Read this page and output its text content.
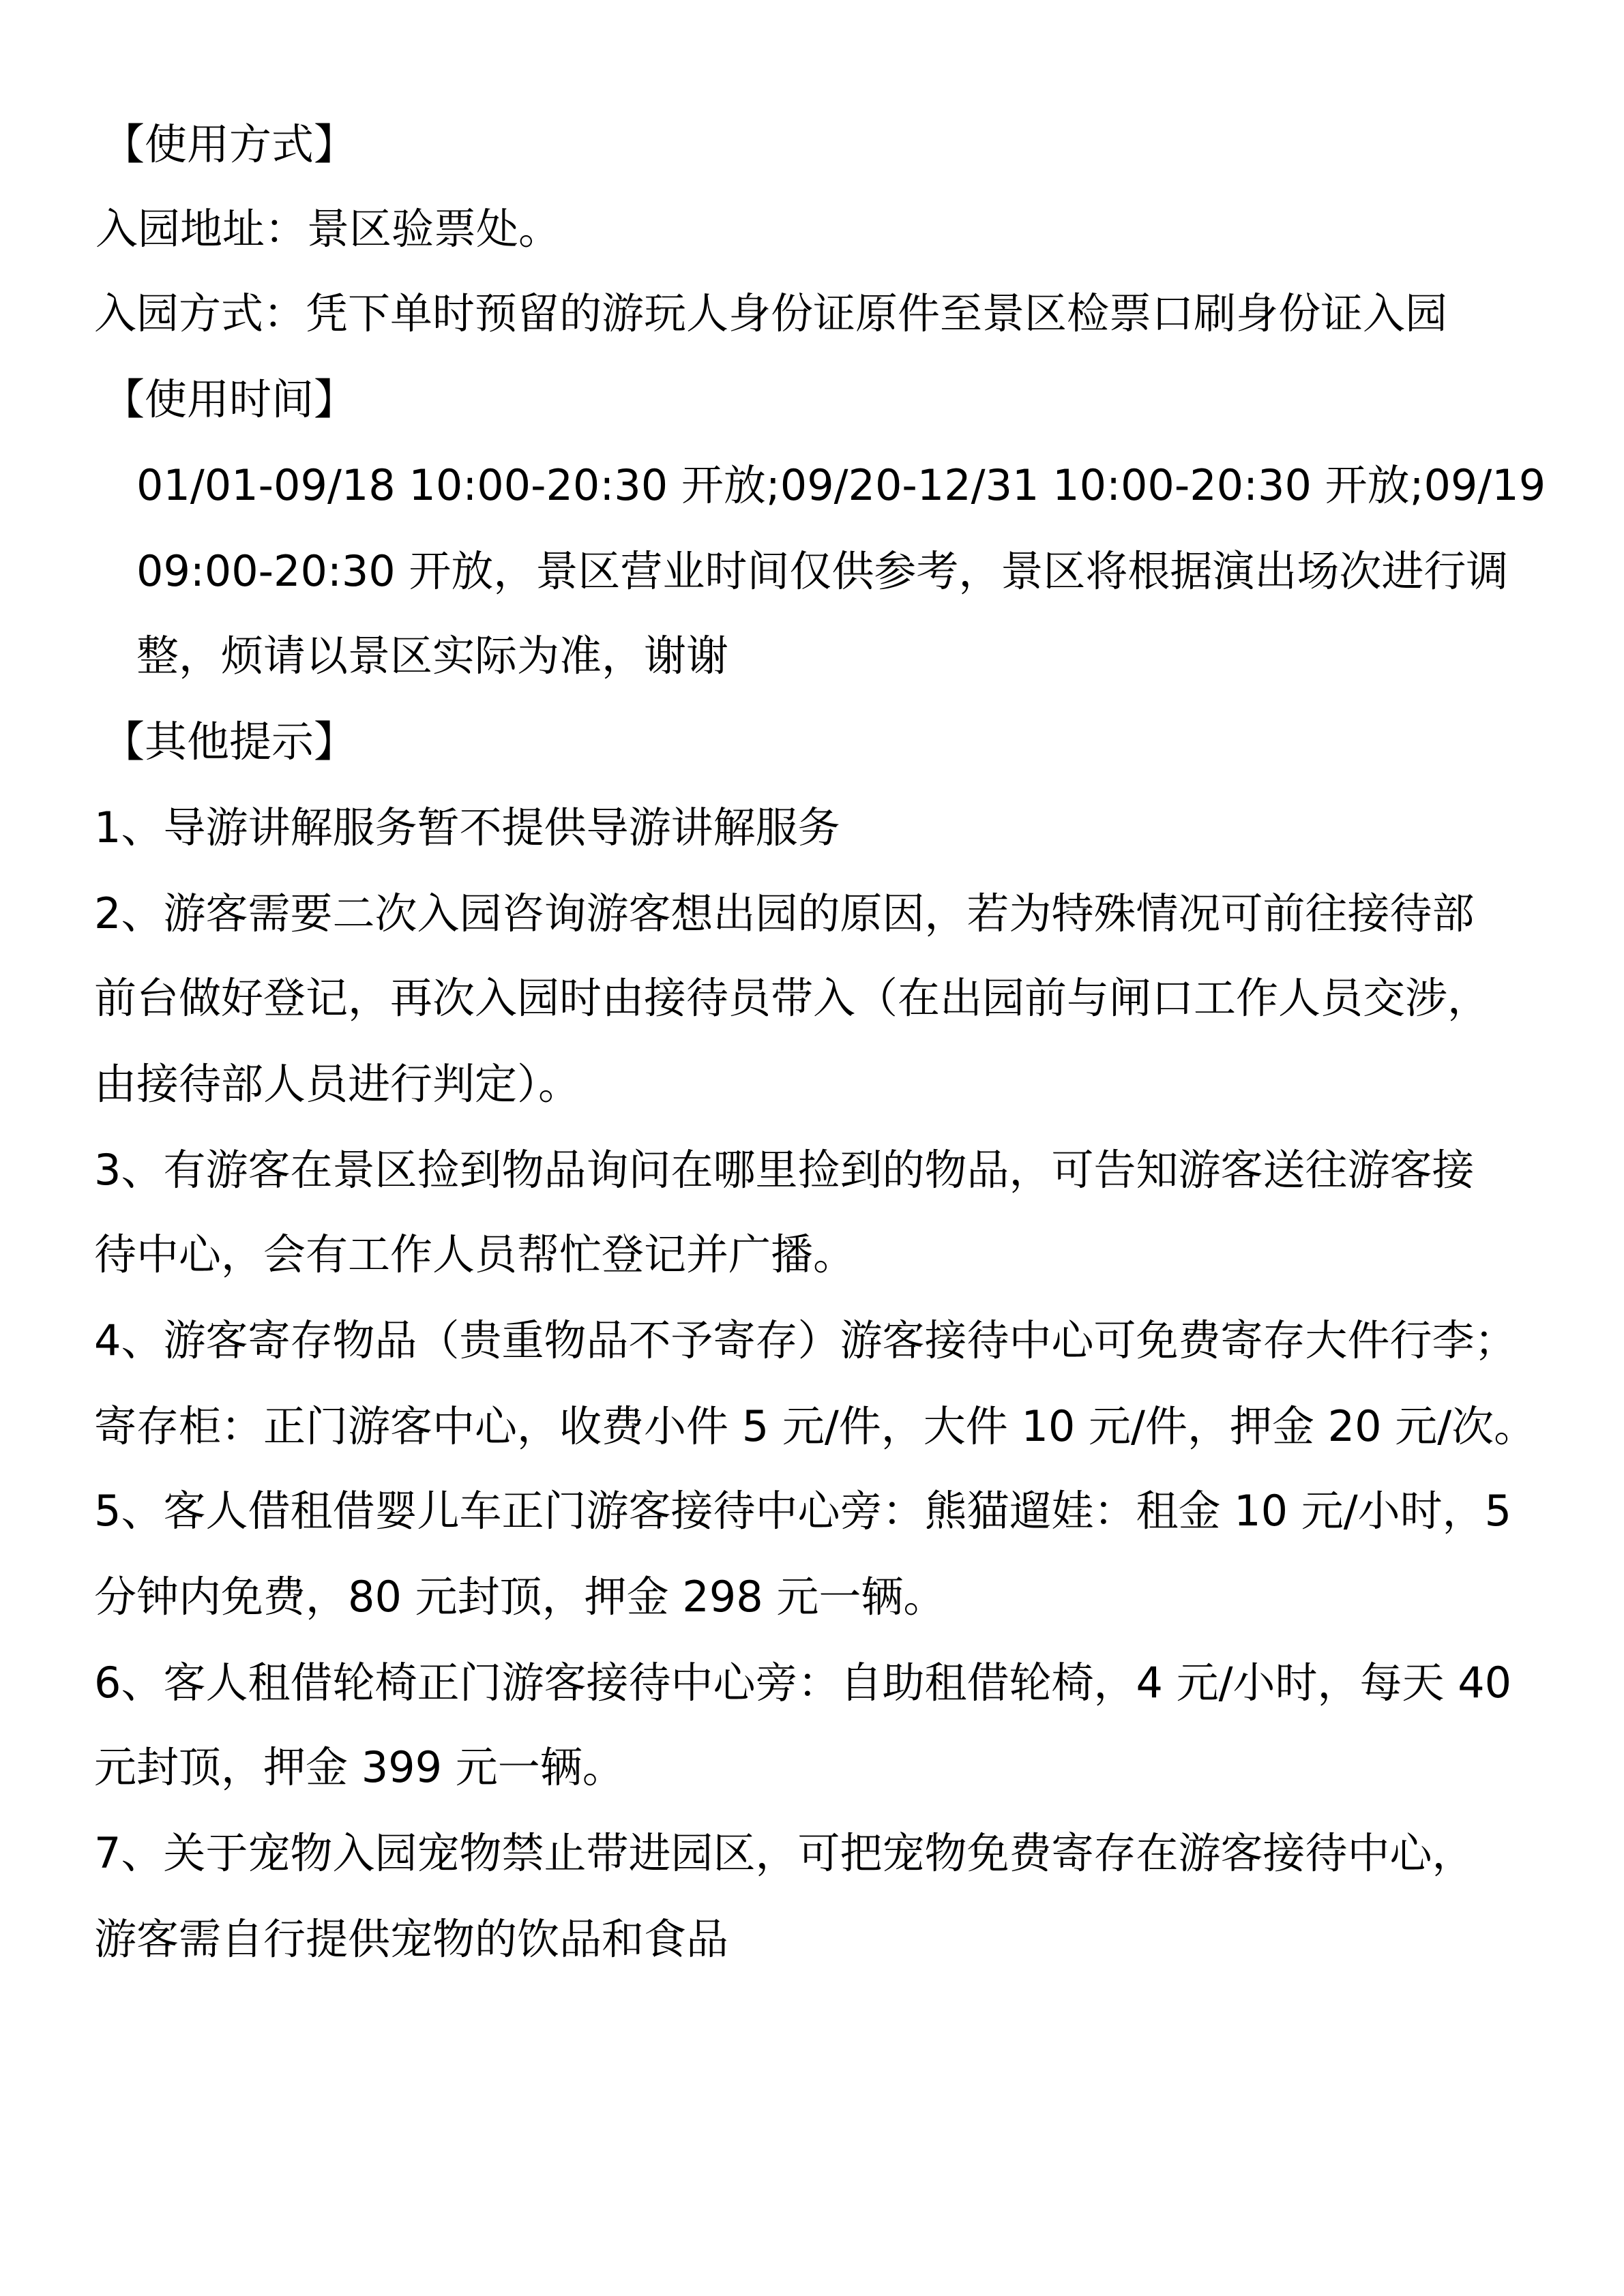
【使用方式】
入园地址：景区验票处。
入园方式：凭下单时预留的游玩人身份证原件至景区检票口刷身份证入园
【使用时间】
01/01-09/18 10:00-20:30 开放;09/20-12/31 10:00-20:30 开放;09/19
09:00-20:30 开放，景区营业时间仅供参考，景区将根据演出场次进行调
整，烦请以景区实际为准，谢谢
【其他提示】
1、导游讲解服务暂不提供导游讲解服务
2、游客需要二次入园咨询游客想出园的原因，若为特殊情况可前往接待部
前台做好登记，再次入园时由接待员带入（在出园前与闸口工作人员交涉，
由接待部人员进行判定）。
3、有游客在景区捡到物品询问在哪里捡到的物品，可告知游客送往游客接
待中心，会有工作人员帮忙登记并广播。
4、游客寄存物品（贵重物品不予寄存）游客接待中心可免费寄存大件行李；
寄存柜：正门游客中心，收费小件 5 元/件，大件 10 元/件，押金 20 元/次。
5、客人借租借婴儿车正门游客接待中心旁：熊猫遛娃：租金 10 元/小时，5
分钟内免费，80 元封顶，押金 298 元一辆。
6、客人租借轮椅正门游客接待中心旁：自助租借轮椅，4 元/小时，每天 40
元封顶，押金 399 元一辆。
7、关于宠物入园宠物禁止带进园区，可把宠物免费寄存在游客接待中心，
游客需自行提供宠物的饮品和食品
